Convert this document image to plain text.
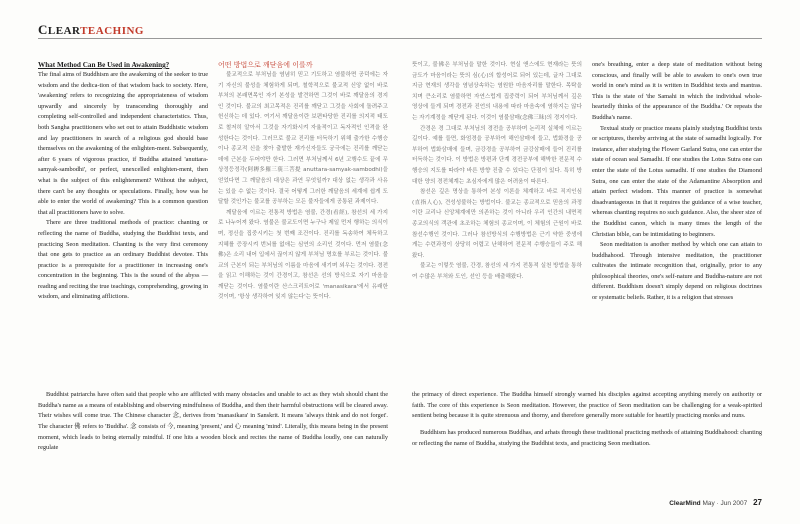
CLEARTEACHING

What Method Can Be Used in Awakening?

The final aims of Buddhism are the awakening of the seeker to true wisdom and the dedica-tion of that wisdom back to society. Here, 'awakening' refers to recognizing the appropriateness of wisdom upwardly and sincerely by transcending thoroughly and completing self-controlled and independent characteristics. Thus, both Sangha practitioners who set out to attain Buddhistic wisdom and lay practitioners in search of a religious god should base themselves on the awakening of the enlighten-ment. Subsequently, after 6 years of vigorous practice, if Buddha attained 'anuttara-samyak-sambodhi', or perfect, unexcelled enlighten-ment, then what is the subject of this enlightenment? Without the subject, there can't be any thoughts or speculations. Finally, how was he able to enter the world of awakening? This is a common question that all practitioners have to solve.

There are three traditional methods of practice: chanting or reflecting the name of Buddha, studying the Buddhist texts, and practicing Seon meditation. Chanting is the very first ceremony that one gets to practice as an ordinary Buddhist devotee. This practice is a prerequisite for a practitioner in increasing one's concentration in the beginning. This is the sound of the abyss — reading and reciting the true teachings, comprehending, growing in wisdom, and eliminating afflictions.

어떤 방법으로 깨닫음에 이를까

불교적으로 부처님을 염념히 믿고 기도하고 염불하면 공덕에는 자기 자신의 불성을 체험하게 되며, 철학적으로 불교적 신앙 없이 바로 부처의 본래면목인 자기 본성을 발견하면 그것이 바로 깨달음의 경지인 것이다. 불교의 최고목적은 진리를 깨닫고 그것을 사회에 돌려주고 헌신하는 데 있다. 여기서 깨달음이란 보편타당한 진리를 의지적 태도로 철저히 알아서 그것을 자기화시켜 자율적이고 독자적인 인격을 완성한다는 것이다. 그러므로 불교 진리를 터득하기 위해 출가한 수행승이나 종교적 신을 찾아 출발한 재가신자들도 궁극에는 진리를 깨닫는 데에 근본을 두어야만 한다. 그러면 부처님께서 6년 고행수도 끝에 무상정등정각(阿耨多羅三藐三菩提 anuttara-samyak-sambodhi)을 얻었다면 그 깨달음의 대상은 과연 무엇일까? 대상 없는 생각과 사유는 있을 수 없는 것이다. 결국 어떻게 그러한 깨달음의 세계에 쉽게 도달할 것인가는 불교를 공부하는 모든 불자들에게 공통된 과제이다.

깨달음에 이르는 전통적 방법은 염불, 간경(看經), 참선의 세 가지로 나누어져 왔다. 염불은 불교도이면 누구나 제일 먼저 행하는 의식이며, 정신을 집중시키는 첫 번째 조건이다. 진리를 독송하여 체득하고 지혜를 증장시켜 번뇌를 없애는 심연의 소리인 것이다. 먼저 염불(念佛)은 소리 내어 입에서 끊이지 않게 부처님 명호를 부르는 것이다. 불교의 근본이 되는 부처님의 이름을 마음에 새기며 외우는 것이다. 경전을 읽고 이해하는 것이 간경이고, 참선은 선의 방식으로 자기 마음을 깨닫는 것이다. 염불이란 산스크리트어로 'manasikara'에서 유래한 것이며, '항상 생각하여 잊지 않는다'는 뜻이다.

뜻이고, 불佛은 부처님을 말한 것이다. 현실 앤스에도 현재라는 뜻의 금도가 마음이라는 뜻의 심(心)의 합성어로 되어 있는데, 글자 그대로 지금 현재의 생각을 염념상속하는 염원한 마음자리를 말한다. 목탁을 치며 큰소리로 염불하면 자연스럽게 집중력이 되어 부처님께서 깊은 영상에 들게 되며 경전과 진언의 내용에 따라 마음속에 염하지는 않다는 자기계정을 깨닫게 된다. 이것이 염불삼매(念佛三昧)의 경지이다.

간경은 경 그대로 부처님의 경전을 공부하며 논리적 실체에 이르는 길이다. 예를 들면, 화엄경을 공부하여 해인삼매에 들고, 법화경을 공부하여 법화삼매에 들며, 금강경을 공부하여 금강삼매에 들어 진리를 터득하는 것이다. 이 방법은 방편과 단계 경전공부에 해박한 전문적 수행승의 지도를 따라야 바른 방향 진출 수 있다는 단점이 있다. 특히 방대한 양의 경전체계는 초심자에게 많은 어려움이 따른다.

참선은 깊은 명상을 통하여 본성 이론을 체계하고 바로 직지인심(直指人心), 견성성불하는 방법이다. 불교는 종교적으로 믿음의 과정이란 교리나 신앙체계에만 의존하는 것이 아니라 우리 인간의 내면적 종교의식의 객관에 초조하는 체험의 종교이며, 이 체험의 근원이 바로 참선수행인 것이다. 그러나 참선방식의 수행방법은 근기 약한 중생에게는 수련과정이 상당히 어렵고 난해하여 전문적 수행승들이 주로 해왔다.

불교는 이렇듯 염불, 간경, 참선의 세 가지 전통적 실천 방법을 통하여 수많은 부처와 도인, 선인 등을 배출해왔다.

one's breathing, enter a deep state of meditation without being conscious, and finally will be able to awaken to one's own true world in one's mind as it is written in Buddhist texts and mantras. This is the state of 'the Samahi in which the individual whole-heartedly thinks of the appearance of the Buddha.' Or repeats the Buddha's name.

Textual study or practice means plainly studying Buddhist texts or scriptures, thereby arriving at the state of samadhi logically. For instance, after studying the Flower Garland Sutra, one can enter the state of ocean seal Samadhi. If one studies the Lotus Sutra one can enter the state of the Lotus samadhi. If one studies the Diamond Sutra, one can enter the state of the Adamantine Absorption and attain perfect wisdom. This manner of practice is somewhat disadvantageous in that it requires the guidance of a wise teacher, whereas chanting requires no such guidance. Also, the sheer size of the Buddhist canon, which is many times the length of the Christian bible, can be intimidating to beginners.

Seon meditation is another method by which one can attain to buddhahood. Through intensive meditation, the practitioner cultivates the intimate recognition that, originally, prior to any philosophical theories, one's self-nature and Buddha-nature are not different. Buddhism doesn't simply depend on religious doctrines or systematic beliefs. Rather, it is a religion that stresses

Buddhist patriarchs have often said that people who are afflicted with many obstacles and unable to act as they wish should chant the Buddha's name as a means of establishing and observing mindfulness of Buddha, and then their harmful obstructions will be cleared away. Their wishes will come true. The Chinese character 念, derives from 'manasikara' in Sanskrit. It means 'always think and do not forget'. The character 佛 refers to 'Buddha'. 念 consists of 今, meaning 'present,' and 心 meaning 'mind'. Literally, this means being in the present moment, which leads to being eternally mindful. If one hits a wooden block and recites the name of Buddha loudly, one can naturally regulate

the primacy of direct experience. The Buddha himself strongly warned his disciples against accepting anything merely on authority or faith. The core of this experience is Seon meditation. However, the practice of Seon meditation can be challenging for a weak-spirited sentient being because it is quite strenuous and thorny, and therefore generally more suitable for heartily practicing monks and nuns.

Buddhism has produced numerous Buddhas, and arhats through these traditional practicing methods of attaining Buddhahood: chanting or reflecting the name of Buddha, studying the Buddhist texts, and practicing Seon meditation.

ClearMind May · Jun 2007 27
